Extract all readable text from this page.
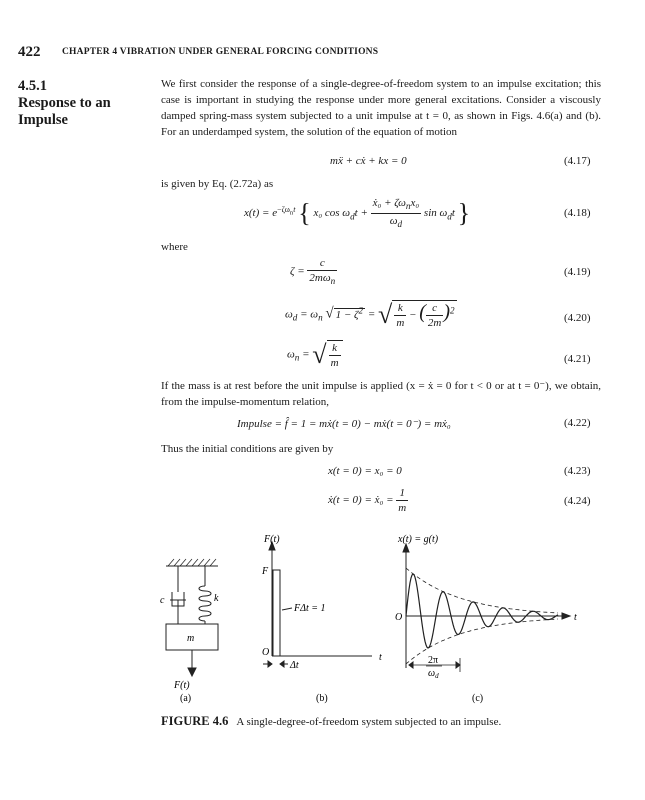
422 CHAPTER 4 VIBRATION UNDER GENERAL FORCING CONDITIONS
4.5.1
Response to an Impulse
We first consider the response of a single-degree-of-freedom system to an impulse excitation; this case is important in studying the response under more general excitations. Consider a viscously damped spring-mass system subjected to a unit impulse at t = 0, as shown in Figs. 4.6(a) and (b). For an underdamped system, the solution of the equation of motion
is given by Eq. (2.72a) as
where
If the mass is at rest before the unit impulse is applied (x = ẋ = 0 for t < 0 or at t = 0⁻), we obtain, from the impulse-momentum relation,
Thus the initial conditions are given by
mẍ + cẋ + kx = 0	(4.17)
$x(t) = e^{-\zeta\omega_nt}$ { x₀ $\cos \omega_dt + \frac{ẋ_0 + \zeta\omega_nx_0}{\omega_d}$ $\sin \omega_dt$ }	(4.18)
$\zeta = \frac{c}{2m\omega_n}$	(4.19)
$\omega_d = \omega_n$ √ $1 - \zeta^2$ = √ $\frac{k}{m}$ − ( $\frac{c}{2m} )^2$
(4.20)
$\omega_n$ = √ $\frac{k}{m}$	(4.21)
Impulse = f̂ = 1 = mẋ(t = 0) − mẋ(t = 0⁻) = mẋ₀	(4.22)
x(t = 0) = x₀ = 0	(4.23)
ẋ(t = 0) = ẋ₀ = $\frac{1}{m}$	(4.24)
c	k
m
F(t)
(a)
F(t)
F
FΔt = 1
O	t
Δt
(b)
x(t) = g(t)
O	t
2π
$\omega_d$
(c)
FIGURE 4.6 A single-degree-of-freedom system subjected to an impulse.
